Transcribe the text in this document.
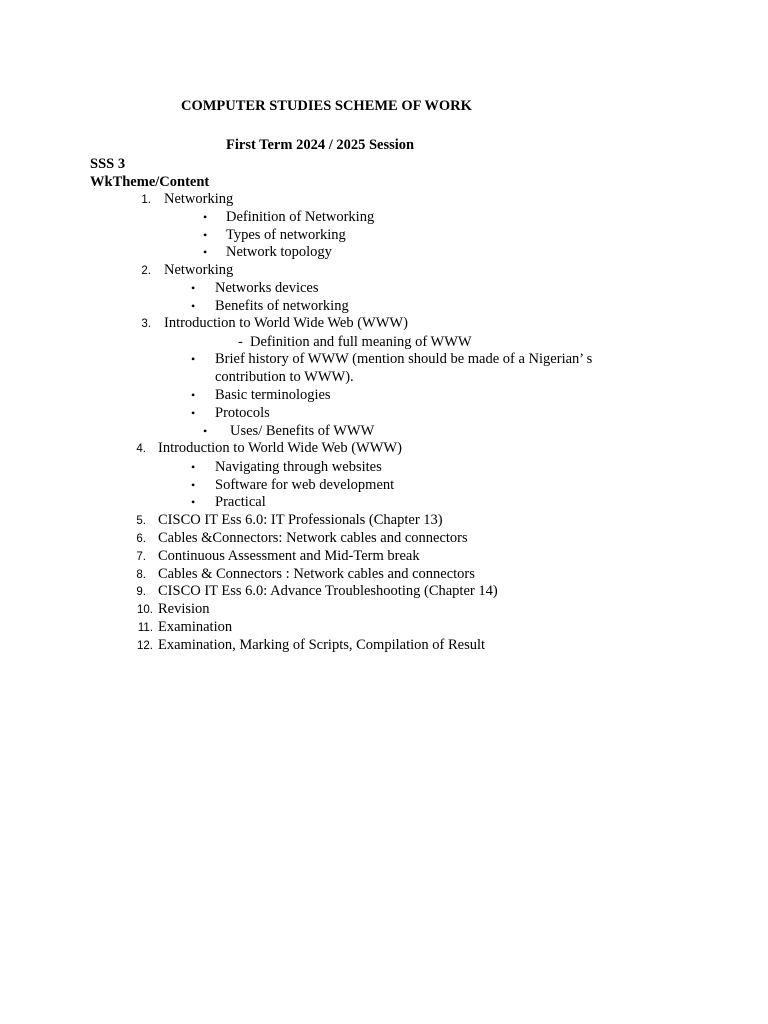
COMPUTER STUDIES SCHEME OF WORK
First Term 2024 / 2025 Session
SSS 3
WkTheme/Content
1. Networking
• Definition of Networking
• Types of networking
• Network topology
2. Networking
• Networks devices
• Benefits of networking
3. Introduction to World Wide Web (WWW)
- Definition and full meaning of WWW
• Brief history of WWW (mention should be made of a Nigerian’ s
contribution to WWW).
• Basic terminologies
• Protocols
• Uses/ Benefits of WWW
4. Introduction to World Wide Web (WWW)
• Navigating through websites
• Software for web development
• Practical
5. CISCO IT Ess 6.0: IT Professionals (Chapter 13)
6. Cables &Connectors: Network cables and connectors
7. Continuous Assessment and Mid-Term break
8. Cables & Connectors : Network cables and connectors
9. CISCO IT Ess 6.0: Advance Troubleshooting (Chapter 14)
10. Revision
11. Examination
12. Examination, Marking of Scripts, Compilation of Result
